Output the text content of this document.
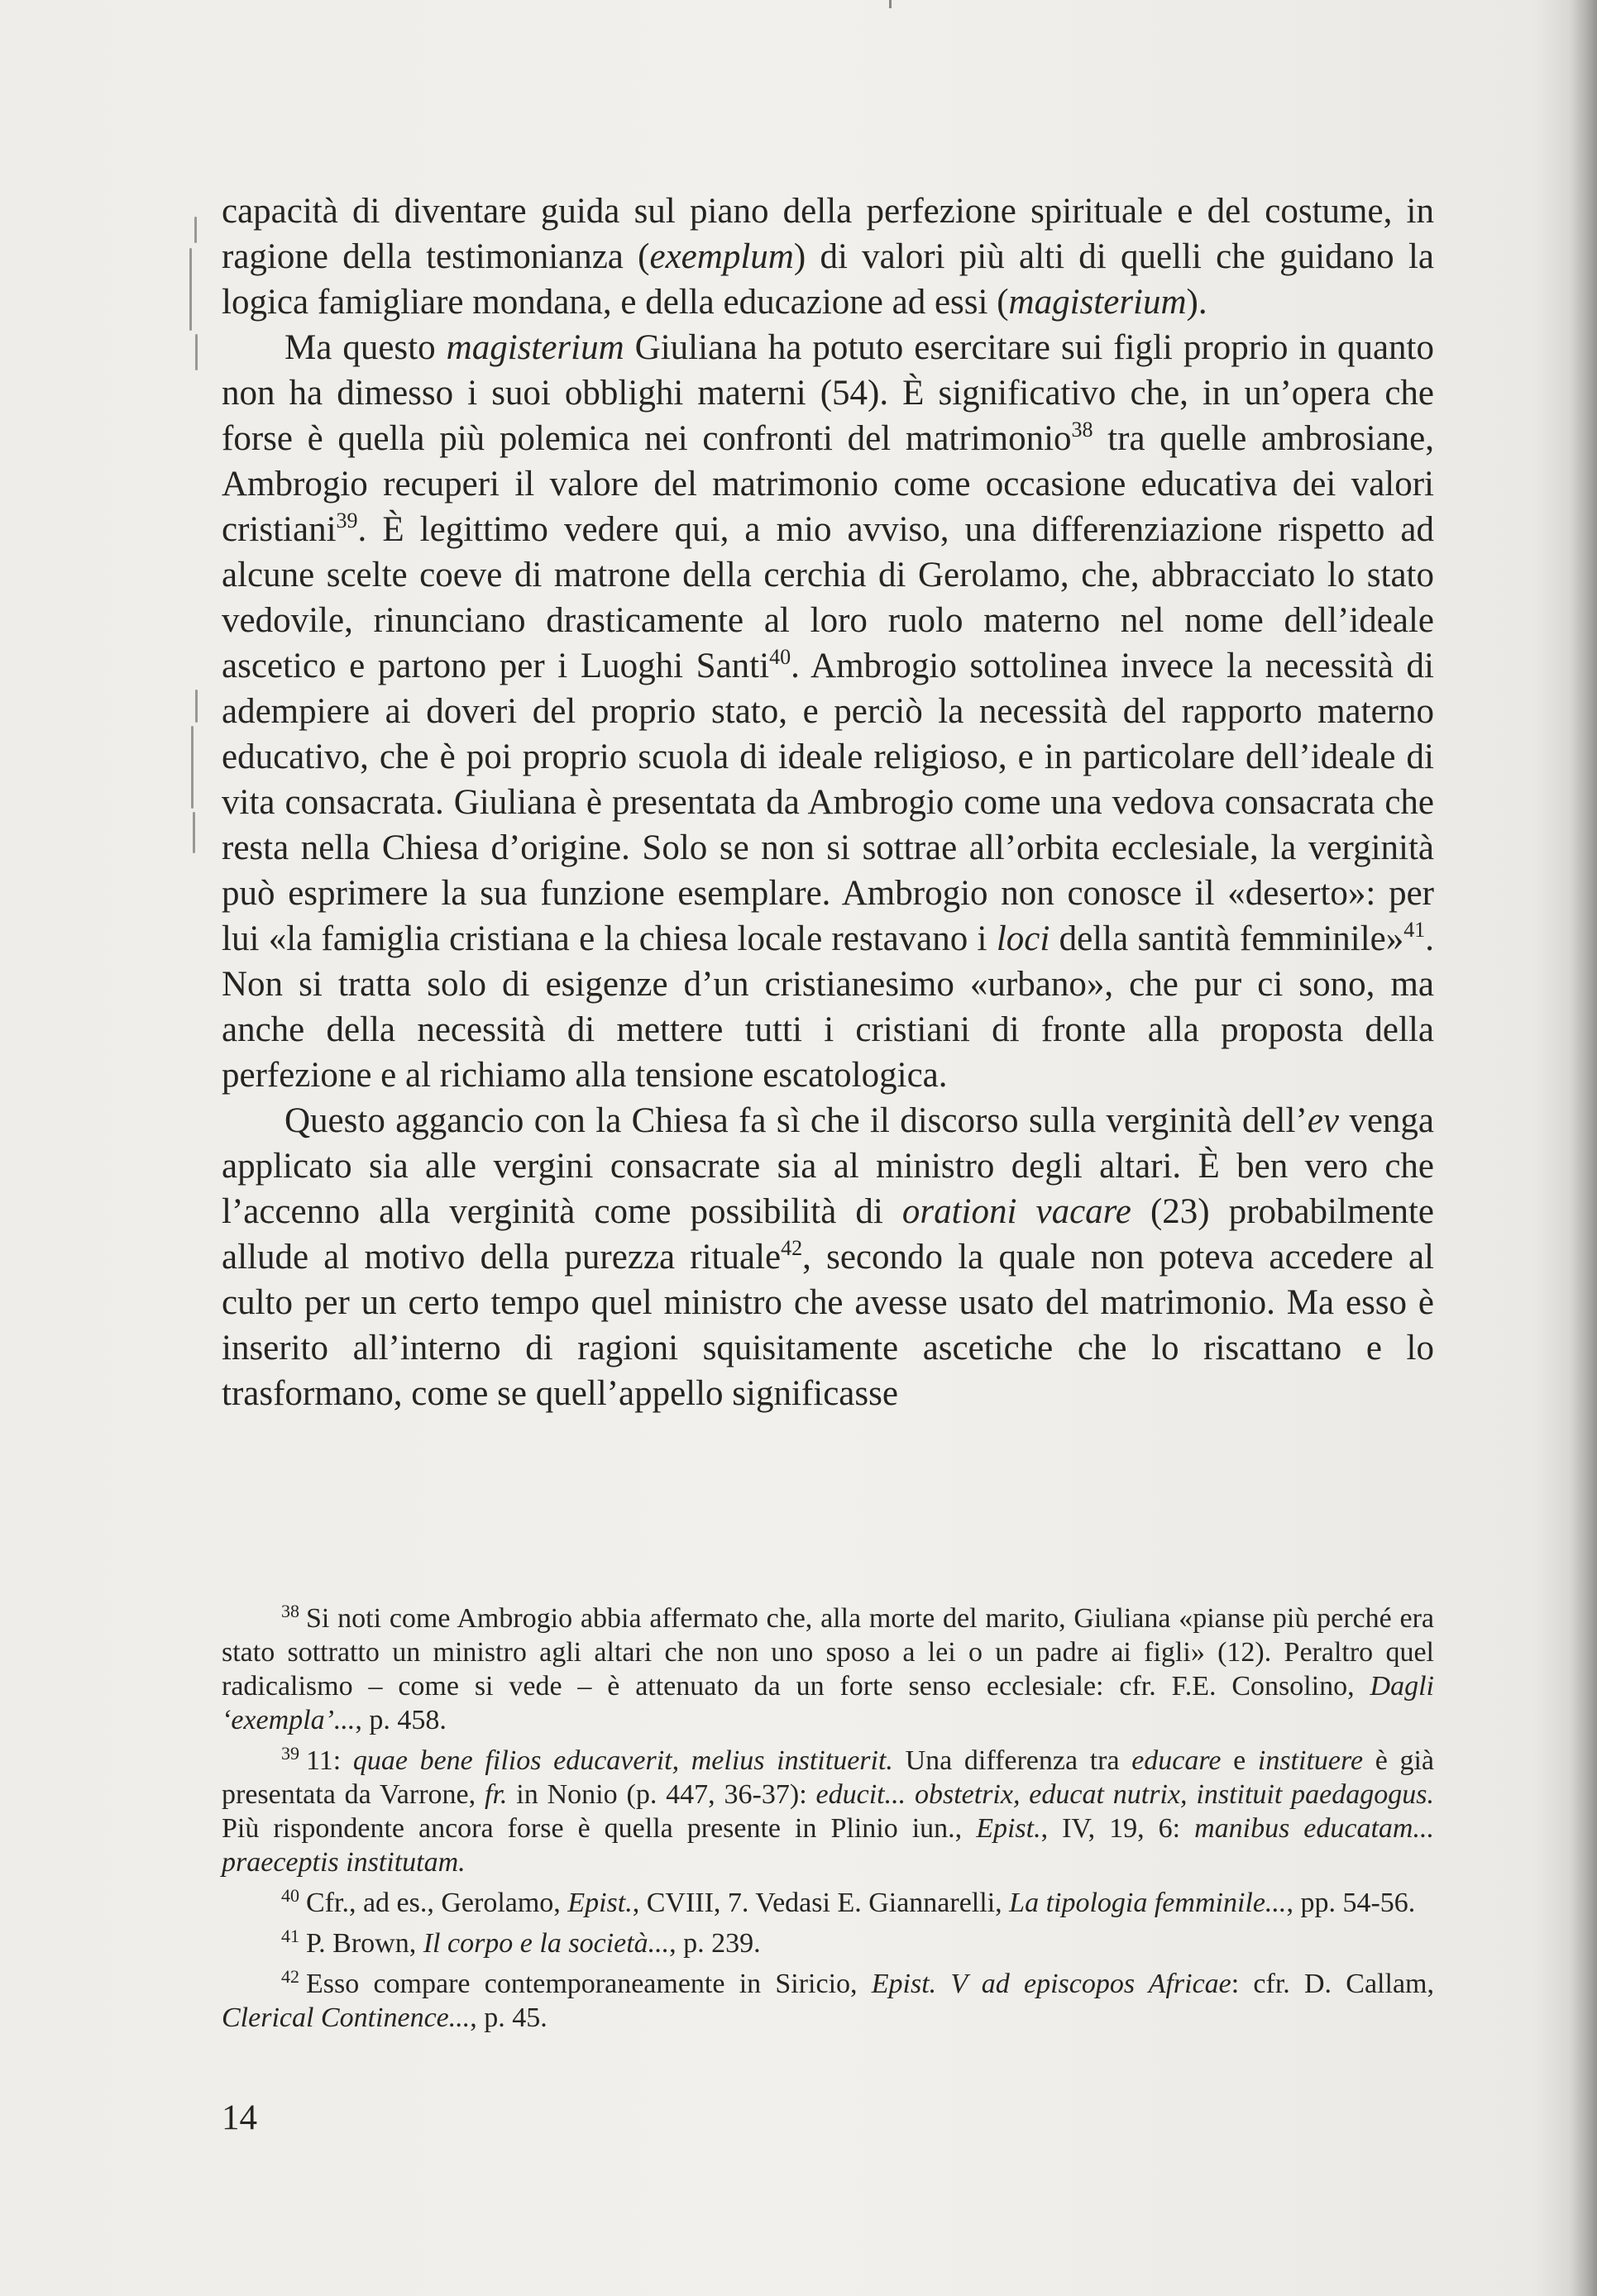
capacità di diventare guida sul piano della perfezione spirituale e del costume, in ragione della testimonianza (exemplum) di valori più alti di quelli che guidano la logica famigliare mondana, e della educazione ad essi (magisterium).

Ma questo magisterium Giuliana ha potuto esercitare sui figli proprio in quanto non ha dimesso i suoi obblighi materni (54). È significativo che, in un’opera che forse è quella più polemica nei confronti del matrimonio$^{38}$ tra quelle ambrosiane, Ambrogio recuperi il valore del matrimonio come occasione educativa dei valori cristiani$^{39}$. È legittimo vedere qui, a mio avviso, una differenziazione rispetto ad alcune scelte coeve di matrone della cerchia di Gerolamo, che, abbracciato lo stato vedovile, rinunciano drasticamente al loro ruolo materno nel nome dell’ideale ascetico e partono per i Luoghi Santi$^{40}$. Ambrogio sottolinea invece la necessità di adempiere ai doveri del proprio stato, e perciò la necessità del rapporto materno educativo, che è poi proprio scuola di ideale religioso, e in particolare dell’ideale di vita consacrata. Giuliana è presentata da Ambrogio come una vedova consacrata che resta nella Chiesa d’origine. Solo se non si sottrae all’orbita ecclesiale, la verginità può esprimere la sua funzione esemplare. Ambrogio non conosce il «deserto»: per lui «la famiglia cristiana e la chiesa locale restavano i loci della santità femminile»$^{41}$. Non si tratta solo di esigenze d’un cristianesimo «urbano», che pur ci sono, ma anche della necessità di mettere tutti i cristiani di fronte alla proposta della perfezione e al richiamo alla tensione escatologica.

Questo aggancio con la Chiesa fa sì che il discorso sulla verginità dell’ev venga applicato sia alle vergini consacrate sia al ministro degli altari. È ben vero che l’accenno alla verginità come possibilità di orationi vacare (23) probabilmente allude al motivo della purezza rituale$^{42}$, secondo la quale non poteva accedere al culto per un certo tempo quel ministro che avesse usato del matrimonio. Ma esso è inserito all’interno di ragioni squisitamente ascetiche che lo riscattano e lo trasformano, come se quell’appello significasse

$^{38}$ Si noti come Ambrogio abbia affermato che, alla morte del marito, Giuliana «pianse più perché era stato sottratto un ministro agli altari che non uno sposo a lei o un padre ai figli» (12). Peraltro quel radicalismo – come si vede – è attenuato da un forte senso ecclesiale: cfr. F.E. Consolino, Dagli ‘exempla’..., p. 458.
$^{39}$ 11: quae bene filios educaverit, melius instituerit. Una differenza tra educare e instituere è già presentata da Varrone, fr. in Nonio (p. 447, 36-37): educit... obstetrix, educat nutrix, instituit paedagogus. Più rispondente ancora forse è quella presente in Plinio iun., Epist., IV, 19, 6: manibus educatam... praeceptis institutam.
$^{40}$ Cfr., ad es., Gerolamo, Epist., CVIII, 7. Vedasi E. Giannarelli, La tipologia femminile..., pp. 54-56.
$^{41}$ P. Brown, Il corpo e la società..., p. 239.
$^{42}$ Esso compare contemporaneamente in Siricio, Epist. V ad episcopos Africae: cfr. D. Callam, Clerical Continence..., p. 45.
14
